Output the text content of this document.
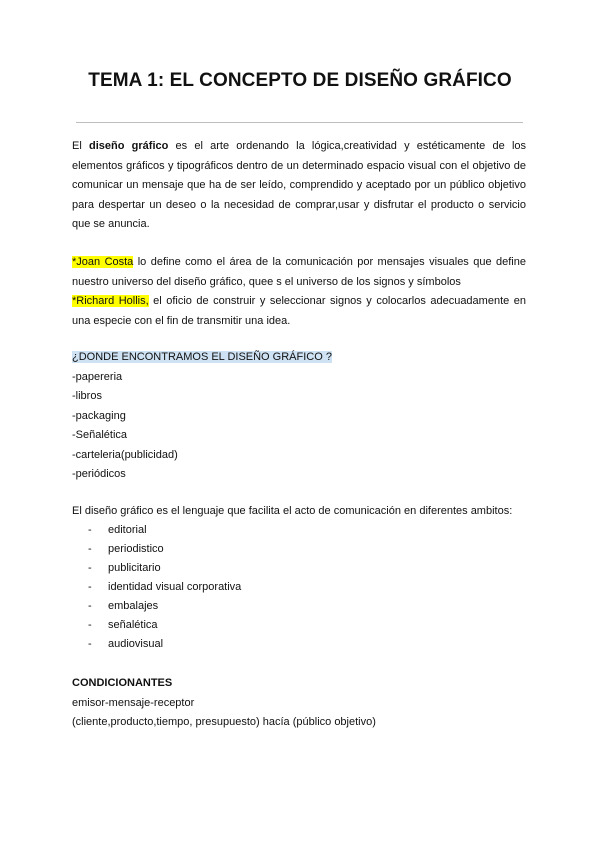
TEMA 1: EL CONCEPTO DE DISEÑO GRÁFICO
El diseño gráfico es el arte ordenando la lógica,creatividad y estéticamente de los
elementos gráficos y tipográficos dentro de un determinado espacio visual con el objetivo de
comunicar un mensaje que ha de ser leído, comprendido y aceptado por un público objetivo
para despertar un deseo o la necesidad de comprar,usar y disfrutar el producto o servicio
que se anuncia.
*Joan Costa lo define como el área de la comunicación por mensajes visuales que define
nuestro universo del diseño gráfico, quee s el universo de los signos y símbolos
*Richard Hollis, el oficio de construir y seleccionar signos y colocarlos adecuadamente en
una especie con el fin de transmitir una idea.
¿DONDE ENCONTRAMOS EL DISEÑO GRÁFICO ?
-papereria
-libros
-packaging
-Señalética
-carteleria(publicidad)
-periódicos
El diseño gráfico es el lenguaje que facilita el acto de comunicación en diferentes ambitos:
- editorial
- periodistico
- publicitario
- identidad visual corporativa
- embalajes
- señalética
- audiovisual
CONDICIONANTES
emisor-mensaje-receptor
(cliente,producto,tiempo, presupuesto) hacía (público objetivo)
